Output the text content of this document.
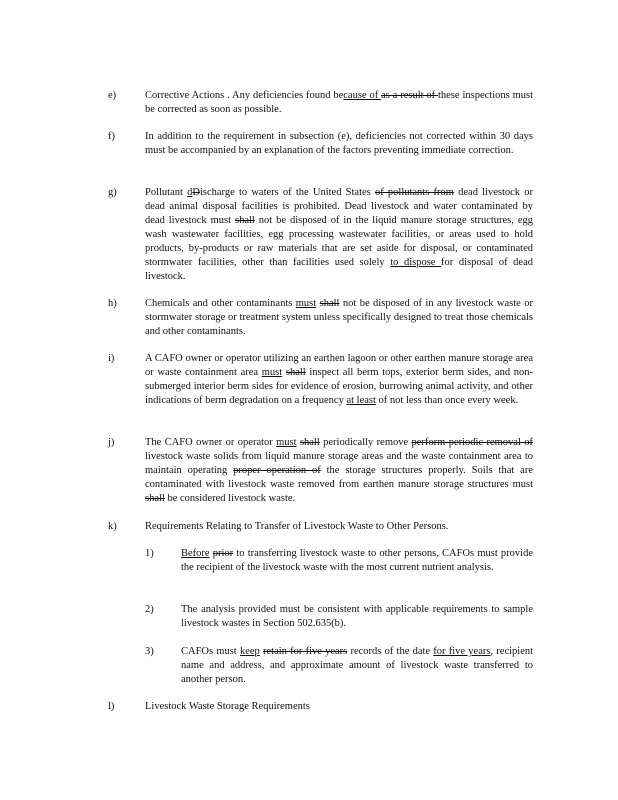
e)	Corrective Actions . Any deficiencies found because of as a result of these inspections must be corrected as soon as possible.
f)	In addition to the requirement in subsection (e), deficiencies not corrected within 30 days must be accompanied by an explanation of the factors preventing immediate correction.
g)	Pollutant dDischarge to waters of the United States of pollutants from dead livestock or dead animal disposal facilities is prohibited. Dead livestock and water contaminated by dead livestock must shall not be disposed of in the liquid manure storage structures, egg wash wastewater facilities, egg processing wastewater facilities, or areas used to hold products, by-products or raw materials that are set aside for disposal, or contaminated stormwater facilities, other than facilities used solely to dispose for disposal of dead livestock.
h)	Chemicals and other contaminants must shall not be disposed of in any livestock waste or stormwater storage or treatment system unless specifically designed to treat those chemicals and other contaminants.
i)	A CAFO owner or operator utilizing an earthen lagoon or other earthen manure storage area or waste containment area must shall inspect all berm tops, exterior berm sides, and non-submerged interior berm sides for evidence of erosion, burrowing animal activity, and other indications of berm degradation on a frequency at least of not less than once every week.
j)	The CAFO owner or operator must shall periodically remove perform periodic removal of livestock waste solids from liquid manure storage areas and the waste containment area to maintain operating proper operation of the storage structures properly. Soils that are contaminated with livestock waste removed from earthen manure storage structures must shall be considered livestock waste.
k)	Requirements Relating to Transfer of Livestock Waste to Other Persons.
1)	Before prior to transferring livestock waste to other persons, CAFOs must provide the recipient of the livestock waste with the most current nutrient analysis.
2)	The analysis provided must be consistent with applicable requirements to sample livestock wastes in Section 502.635(b).
3)	CAFOs must keep retain for five years records of the date for five years, recipient name and address, and approximate amount of livestock waste transferred to another person.
l)	Livestock Waste Storage Requirements
